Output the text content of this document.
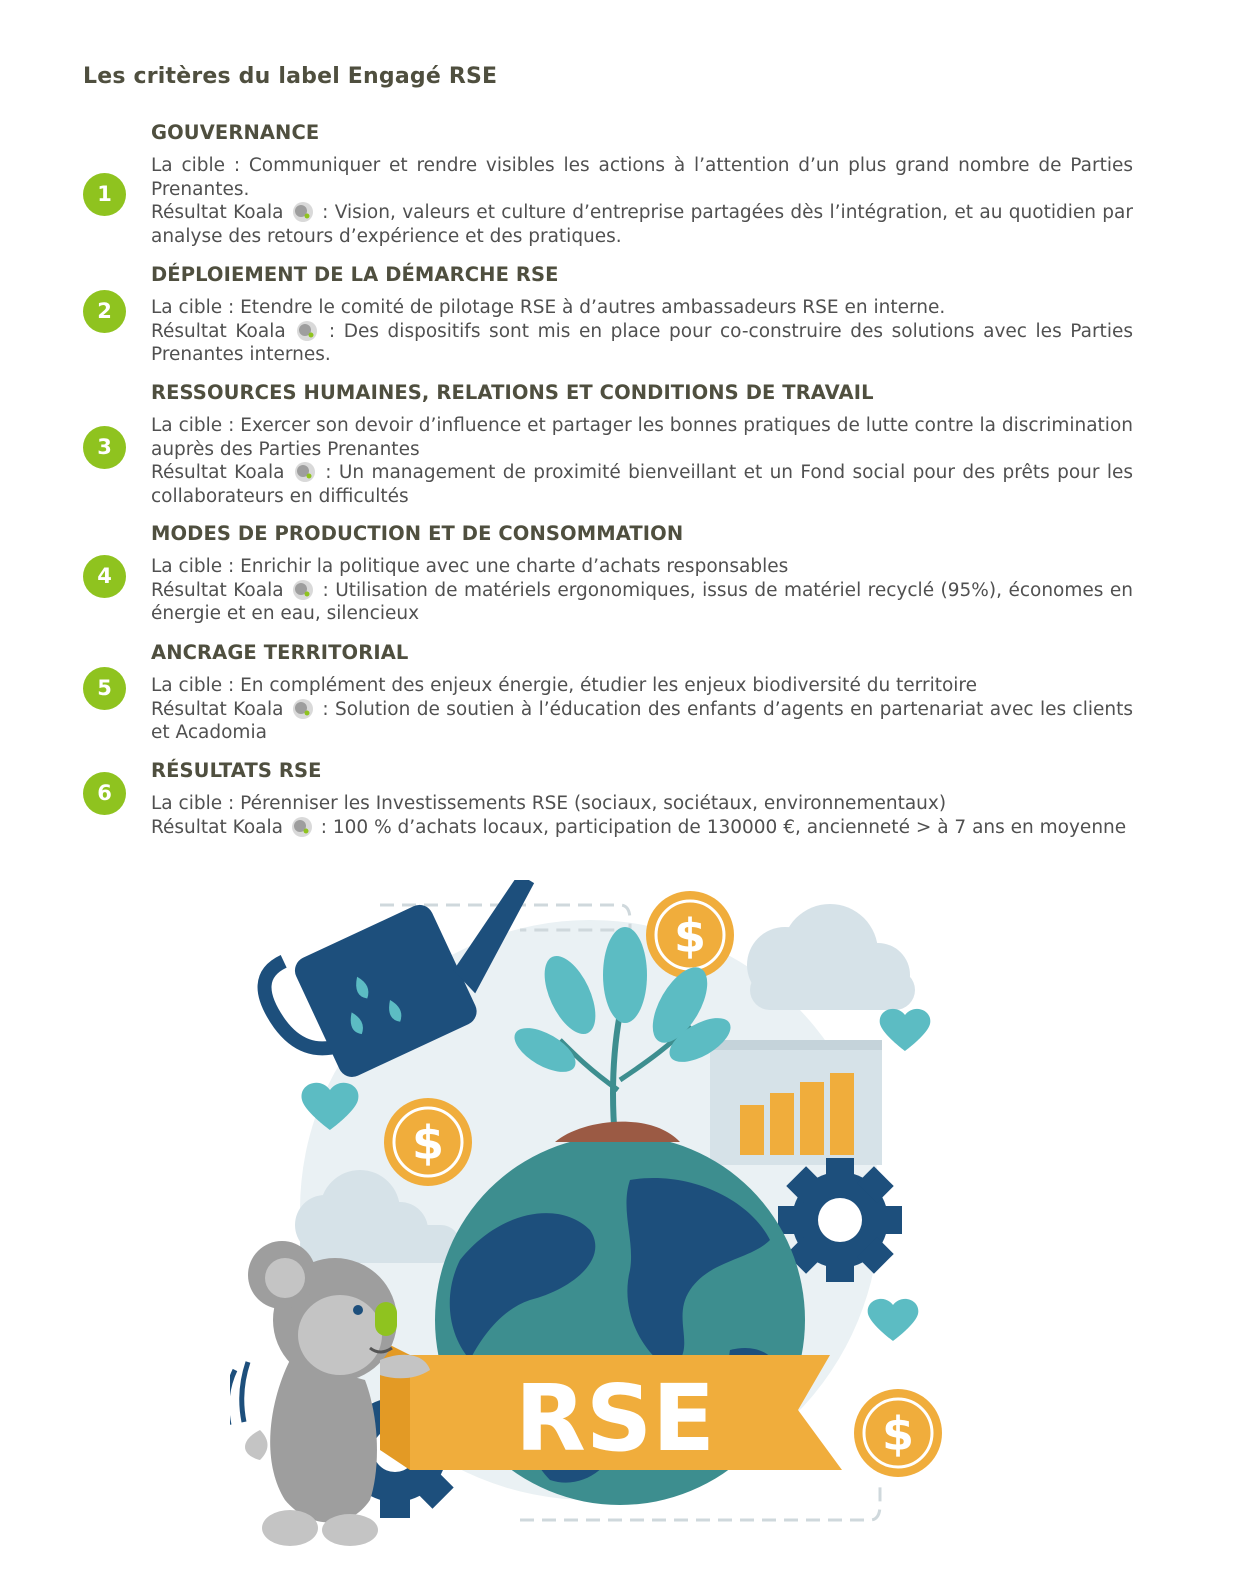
Les critères du label Engagé RSE
1
GOUVERNANCE

La cible : Communiquer et rendre visibles les actions à l’attention d’un plus grand nombre de Parties Prenantes.

Résultat Koala : Vision, valeurs et culture d’entreprise partagées dès l’intégration, et au quotidien par analyse des retours d’expérience et des pratiques.

2
DÉPLOIEMENT DE LA DÉMARCHE RSE

La cible : Etendre le comité de pilotage RSE à d’autres ambassadeurs RSE en interne.

Résultat Koala : Des dispositifs sont mis en place pour co-construire des solutions avec les Parties Prenantes internes.

3
RESSOURCES HUMAINES, RELATIONS ET CONDITIONS DE TRAVAIL

La cible : Exercer son devoir d’influence et partager les bonnes pratiques de lutte contre la discrimination auprès des Parties Prenantes

Résultat Koala : Un management de proximité bienveillant et un Fond social pour des prêts pour les collaborateurs en difficultés

4
MODES DE PRODUCTION ET DE CONSOMMATION

La cible : Enrichir la politique avec une charte d’achats responsables

Résultat Koala : Utilisation de matériels ergonomiques, issus de matériel recyclé (95%), économes en énergie et en eau, silencieux

5
ANCRAGE TERRITORIAL

La cible : En complément des enjeux énergie, étudier les enjeux biodiversité du territoire

Résultat Koala : Solution de soutien à l’éducation des enfants d’agents en partenariat avec les clients et Acadomia

6
RÉSULTATS RSE

La cible : Pérenniser les Investissements RSE (sociaux, sociétaux, environnementaux)

Résultat Koala : 100 % d’achats locaux, participation de 130000 €, ancienneté > à 7 ans en moyenne

$
$
$
RSE
